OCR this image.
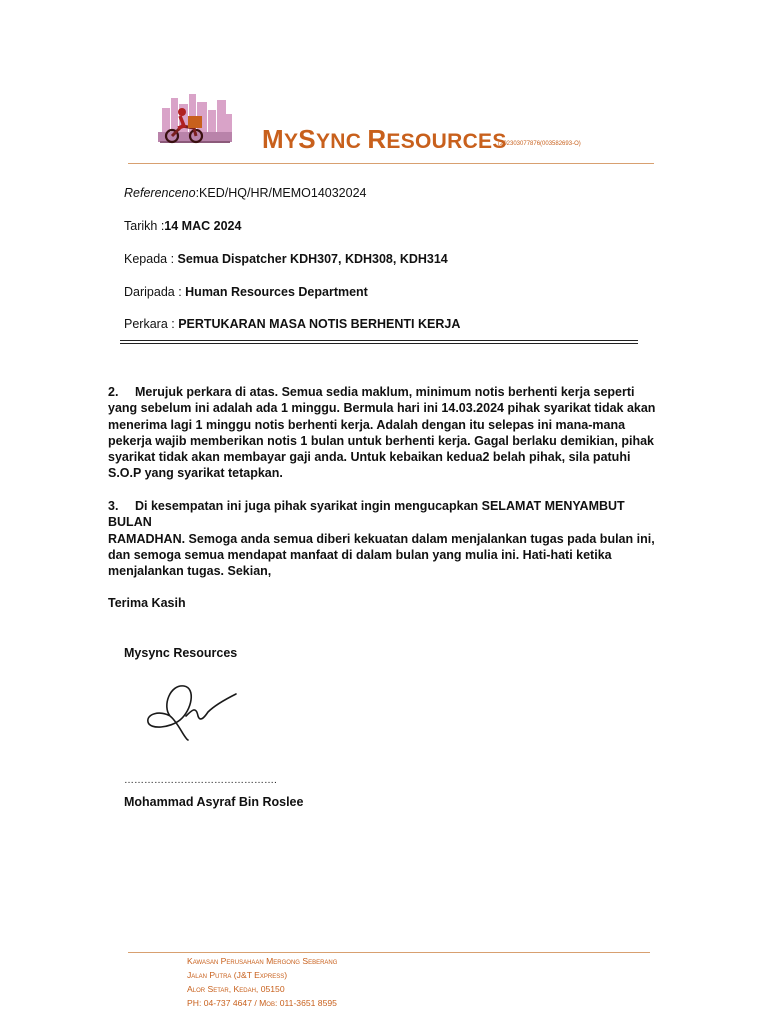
MYSYNC RESOURCES
(202303077876(003582693-O)
Referenceno:KED/HQ/HR/MEMO14032024
Tarikh :14 MAC 2024
Kepada : Semua Dispatcher KDH307, KDH308, KDH314
Daripada : Human Resources Department
Perkara : PERTUKARAN MASA NOTIS BERHENTI KERJA
2. Merujuk perkara di atas. Semua sedia maklum, minimum notis berhenti kerja seperti
yang sebelum ini adalah ada 1 minggu. Bermula hari ini 14.03.2024 pihak syarikat tidak akan
menerima lagi 1 minggu notis berhenti kerja. Adalah dengan itu selepas ini mana-mana
pekerja wajib memberikan notis 1 bulan untuk berhenti kerja. Gagal berlaku demikian, pihak
syarikat tidak akan membayar gaji anda. Untuk kebaikan kedua2 belah pihak, sila patuhi
S.O.P yang syarikat tetapkan.
3. Di kesempatan ini juga pihak syarikat ingin mengucapkan SELAMAT MENYAMBUT BULAN
RAMADHAN. Semoga anda semua diberi kekuatan dalam menjalankan tugas pada bulan ini,
dan semoga semua mendapat manfaat di dalam bulan yang mulia ini. Hati-hati ketika
menjalankan tugas. Sekian,
Terima Kasih
Mysync Resources
……………………………………….
Mohammad Asyraf Bin Roslee
Kawasan Perusahaan Mergong Seberang
Jalan Putra (J&T Express)
Alor Setar, Kedah, 05150
PH: 04-737 4647 / Mob: 011-3651 8595
